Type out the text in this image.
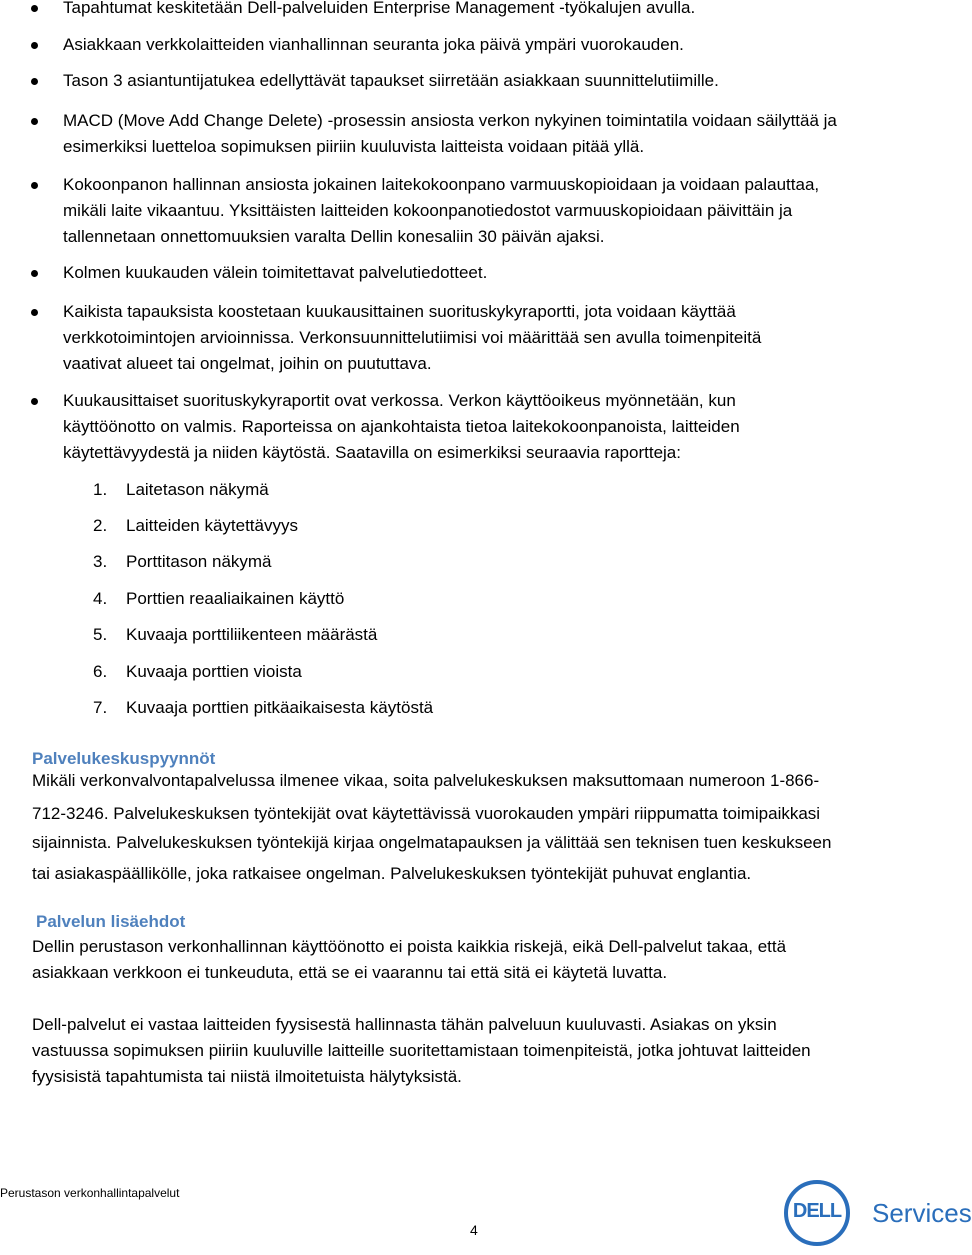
Tapahtumat keskitetään Dell-palveluiden Enterprise Management -työkalujen avulla.
Asiakkaan verkkolaitteiden vianhallinnan seuranta joka päivä ympäri vuorokauden.
Tason 3 asiantuntijatukea edellyttävät tapaukset siirretään asiakkaan suunnittelutiimille.
MACD (Move Add Change Delete) -prosessin ansiosta verkon nykyinen toimintatila voidaan säilyttää ja
esimerkiksi luetteloa sopimuksen piiriin kuuluvista laitteista voidaan pitää yllä.
Kokoonpanon hallinnan ansiosta jokainen laitekokoonpano varmuuskopioidaan ja voidaan palauttaa,
mikäli laite vikaantuu. Yksittäisten laitteiden kokoonpanotiedostot varmuuskopioidaan päivittäin ja
tallennetaan onnettomuuksien varalta Dellin konesaliin 30 päivän ajaksi.
Kolmen kuukauden välein toimitettavat palvelutiedotteet.
Kaikista tapauksista koostetaan kuukausittainen suorituskykyraportti, jota voidaan käyttää
verkkotoimintojen arvioinnissa. Verkonsuunnittelutiimisi voi määrittää sen avulla toimenpiteitä
vaativat alueet tai ongelmat, joihin on puututtava.
Kuukausittaiset suorituskykyraportit ovat verkossa. Verkon käyttöoikeus myönnetään, kun
käyttöönotto on valmis. Raporteissa on ajankohtaista tietoa laitekokoonpanoista, laitteiden
käytettävyydestä ja niiden käytöstä. Saatavilla on esimerkiksi seuraavia raportteja:
1. Laitetason näkymä
2. Laitteiden käytettävyys
3. Porttitason näkymä
4. Porttien reaaliaikainen käyttö
5. Kuvaaja porttiliikenteen määrästä
6. Kuvaaja porttien vioista
7. Kuvaaja porttien pitkäaikaisesta käytöstä
Palvelukeskuspyynnöt
Mikäli verkonvalvontapalvelussa ilmenee vikaa, soita palvelukeskuksen maksuttomaan numeroon 1-866-
712-3246. Palvelukeskuksen työntekijät ovat käytettävissä vuorokauden ympäri riippumatta toimipaikkasi
sijainnista. Palvelukeskuksen työntekijä kirjaa ongelmatapauksen ja välittää sen teknisen tuen keskukseen
tai asiakaspäällikölle, joka ratkaisee ongelman. Palvelukeskuksen työntekijät puhuvat englantia.
Palvelun lisäehdot
Dellin perustason verkonhallinnan käyttöönotto ei poista kaikkia riskejä, eikä Dell-palvelut takaa, että
asiakkaan verkkoon ei tunkeuduta, että se ei vaarannu tai että sitä ei käytetä luvatta.
Dell-palvelut ei vastaa laitteiden fyysisestä hallinnasta tähän palveluun kuuluvasti. Asiakas on yksin
vastuussa sopimuksen piiriin kuuluville laitteille suoritettamistaan toimenpiteistä, jotka johtuvat laitteiden
fyysisistä tapahtumista tai niistä ilmoitetuista hälytyksistä.
Perustason verkonhallintapalvelut
4
DELL Services
